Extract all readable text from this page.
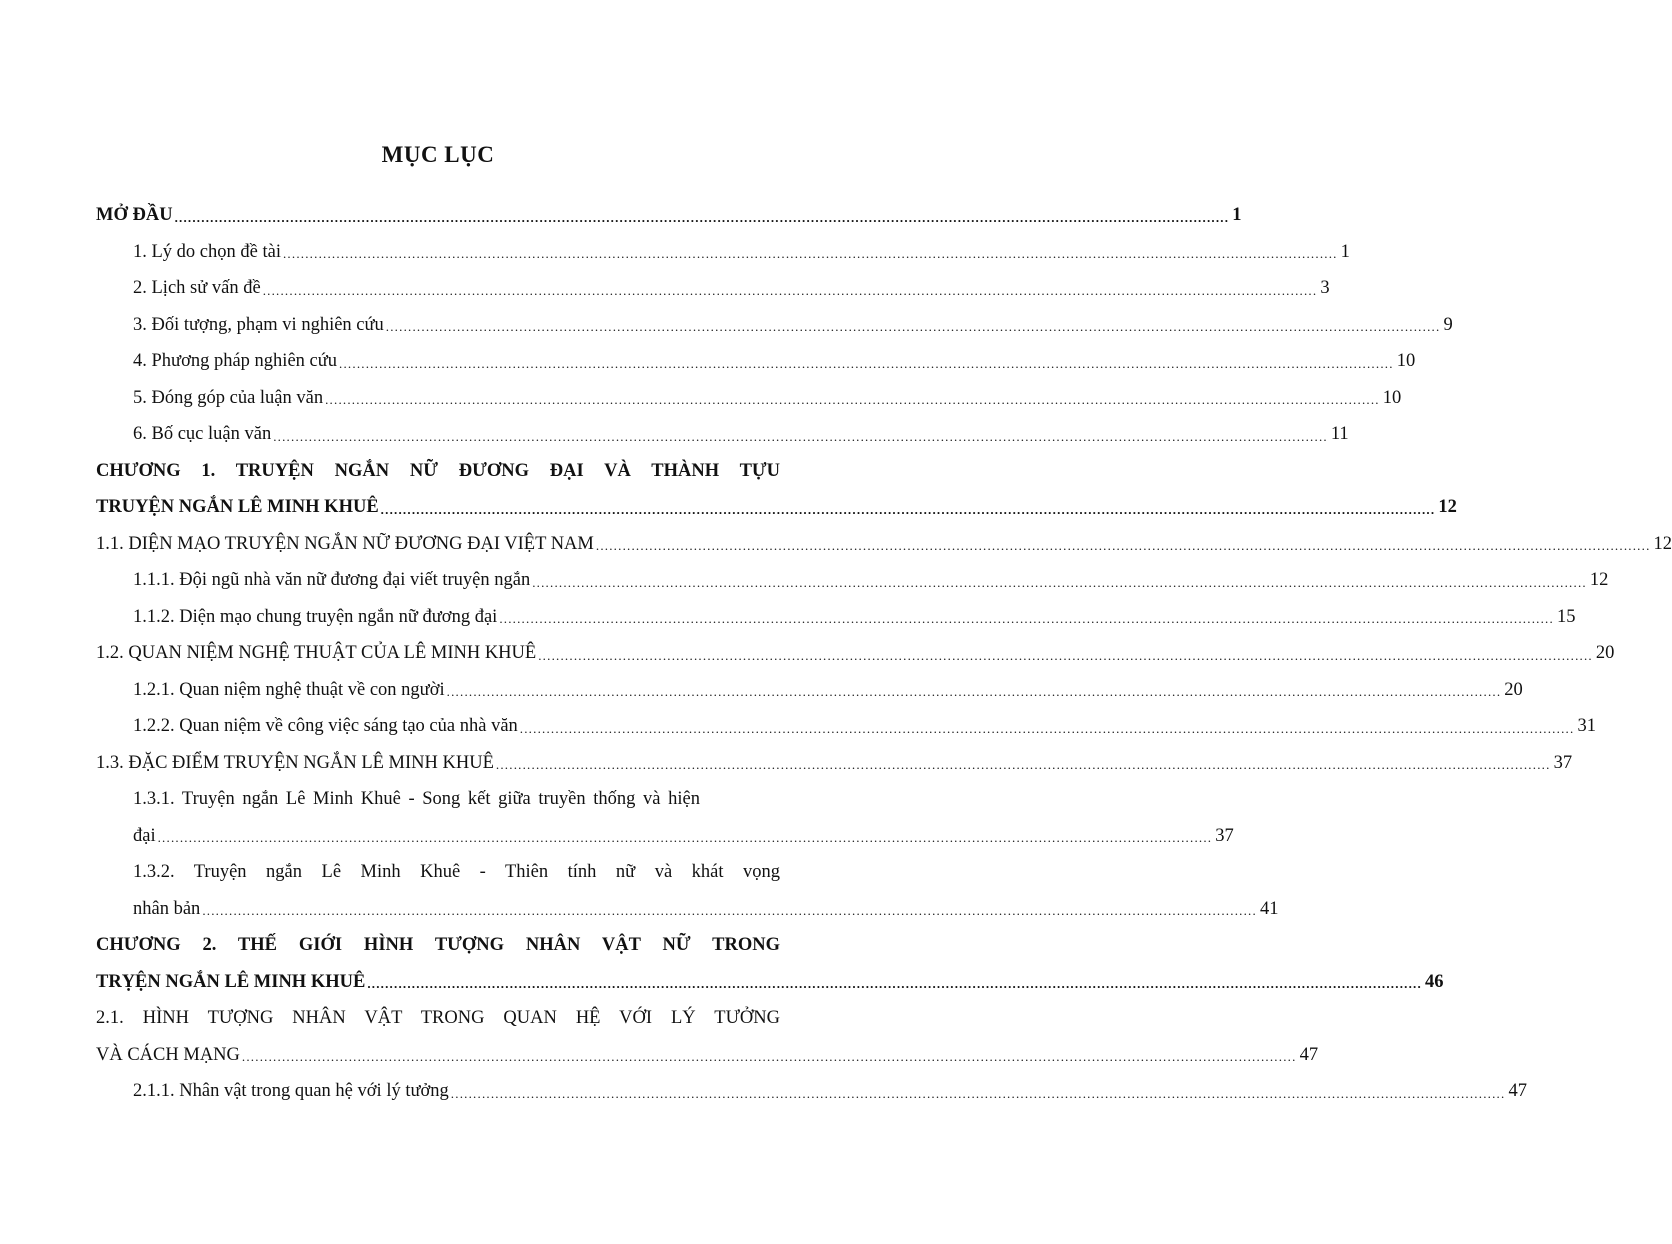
MỤC LỤC
MỞ ĐẦU ............................................................................................................................................................................................................................................. 1
1. Lý do chọn đề tài ............................................................................................................................................................................................................................................. 1
2. Lịch sử vấn đề ............................................................................................................................................................................................................................................. 3
3. Đối tượng, phạm vi nghiên cứu ............................................................................................................................................................................................................................................. 9
4. Phương pháp nghiên cứu ............................................................................................................................................................................................................................................. 10
5. Đóng góp của luận văn ............................................................................................................................................................................................................................................. 10
6. Bố cục luận văn ............................................................................................................................................................................................................................................. 11
CHƯƠNG 1. TRUYỆN NGẮN NỮ ĐƯƠNG ĐẠI VÀ THÀNH TỰU
TRUYỆN NGẮN LÊ MINH KHUÊ ............................................................................................................................................................................................................................................. 12
1.1. DIỆN MẠO TRUYỆN NGẮN NỮ ĐƯƠNG ĐẠI VIỆT NAM ............................................................................................................................................................................................................................................. 12
1.1.1. Đội ngũ nhà văn nữ đương đại viết truyện ngắn ............................................................................................................................................................................................................................................. 12
1.1.2. Diện mạo chung truyện ngắn nữ đương đại ............................................................................................................................................................................................................................................. 15
1.2. QUAN NIỆM NGHỆ THUẬT CỦA LÊ MINH KHUÊ ............................................................................................................................................................................................................................................. 20
1.2.1. Quan niệm nghệ thuật về con người ............................................................................................................................................................................................................................................. 20
1.2.2. Quan niệm về công việc sáng tạo của nhà văn ............................................................................................................................................................................................................................................. 31
1.3. ĐẶC ĐIỂM TRUYỆN NGẮN LÊ MINH KHUÊ ............................................................................................................................................................................................................................................. 37
1.3.1. Truyện ngắn Lê Minh Khuê - Song kết giữa truyền thống và hiện
đại ............................................................................................................................................................................................................................................. 37
1.3.2. Truyện ngắn Lê Minh Khuê - Thiên tính nữ và khát vọng
nhân bản ............................................................................................................................................................................................................................................. 41
CHƯƠNG 2. THẾ GIỚI HÌNH TƯỢNG NHÂN VẬT NỮ TRONG
TRỴỆN NGẮN LÊ MINH KHUÊ ............................................................................................................................................................................................................................................. 46
2.1. HÌNH TƯỢNG NHÂN VẬT TRONG QUAN HỆ VỚI LÝ TƯỞNG
VÀ CÁCH MẠNG ............................................................................................................................................................................................................................................. 47
2.1.1. Nhân vật trong quan hệ với lý tưởng ............................................................................................................................................................................................................................................. 47
